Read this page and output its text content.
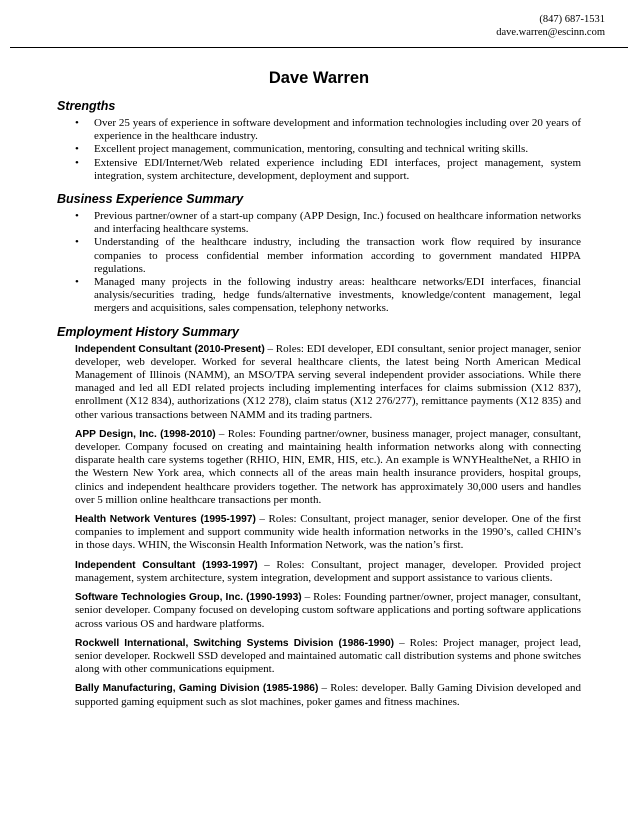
(847) 687-1531
dave.warren@escinn.com
Dave Warren
Strengths
• Over 25 years of experience in software development and information technologies including over 20 years of experience in the healthcare industry.
• Excellent project management, communication, mentoring, consulting and technical writing skills.
• Extensive EDI/Internet/Web related experience including EDI interfaces, project management, system integration, system architecture, development, deployment and support.
Business Experience Summary
• Previous partner/owner of a start-up company (APP Design, Inc.) focused on healthcare information networks and interfacing healthcare systems.
• Understanding of the healthcare industry, including the transaction work flow required by insurance companies to process confidential member information according to government mandated HIPPA regulations.
• Managed many projects in the following industry areas: healthcare networks/EDI interfaces, financial analysis/securities trading, hedge funds/alternative investments, knowledge/content management, legal mergers and acquisitions, sales compensation, telephony networks.
Employment History Summary

Independent Consultant (2010-Present) – Roles: EDI developer, EDI consultant, senior project manager, senior developer, web developer. Worked for several healthcare clients, the latest being North American Medical Management of Illinois (NAMM), an MSO/TPA serving several independent provider associations. While there managed and led all EDI related projects including implementing interfaces for claims submission (X12 837), enrollment (X12 834), authorizations (X12 278), claim status (X12 276/277), remittance payments (X12 835) and other various transactions between NAMM and its trading partners.

APP Design, Inc. (1998-2010) – Roles: Founding partner/owner, business manager, project manager, consultant, developer. Company focused on creating and maintaining health information networks along with connecting disparate health care systems together (RHIO, HIN, EMR, HIS, etc.). An example is WNYHealtheNet, a RHIO in the Western New York area, which connects all of the areas main health insurance providers, hospital groups, clinics and independent healthcare providers together. The network has approximately 30,000 users and handles over 5 million online healthcare transactions per month.

Health Network Ventures (1995-1997) – Roles: Consultant, project manager, senior developer. One of the first companies to implement and support community wide health information networks in the 1990’s, called CHIN’s in those days. WHIN, the Wisconsin Health Information Network, was the nation’s first.

Independent Consultant (1993-1997) – Roles: Consultant, project manager, developer. Provided project management, system architecture, system integration, development and support assistance to various clients.

Software Technologies Group, Inc. (1990-1993) – Roles: Founding partner/owner, project manager, consultant, senior developer. Company focused on developing custom software applications and porting software applications across various OS and hardware platforms.

Rockwell International, Switching Systems Division (1986-1990) – Roles: Project manager, project lead, senior developer. Rockwell SSD developed and maintained automatic call distribution systems and phone switches along with other communications equipment.

Bally Manufacturing, Gaming Division (1985-1986) – Roles: developer. Bally Gaming Division developed and supported gaming equipment such as slot machines, poker games and fitness machines.
